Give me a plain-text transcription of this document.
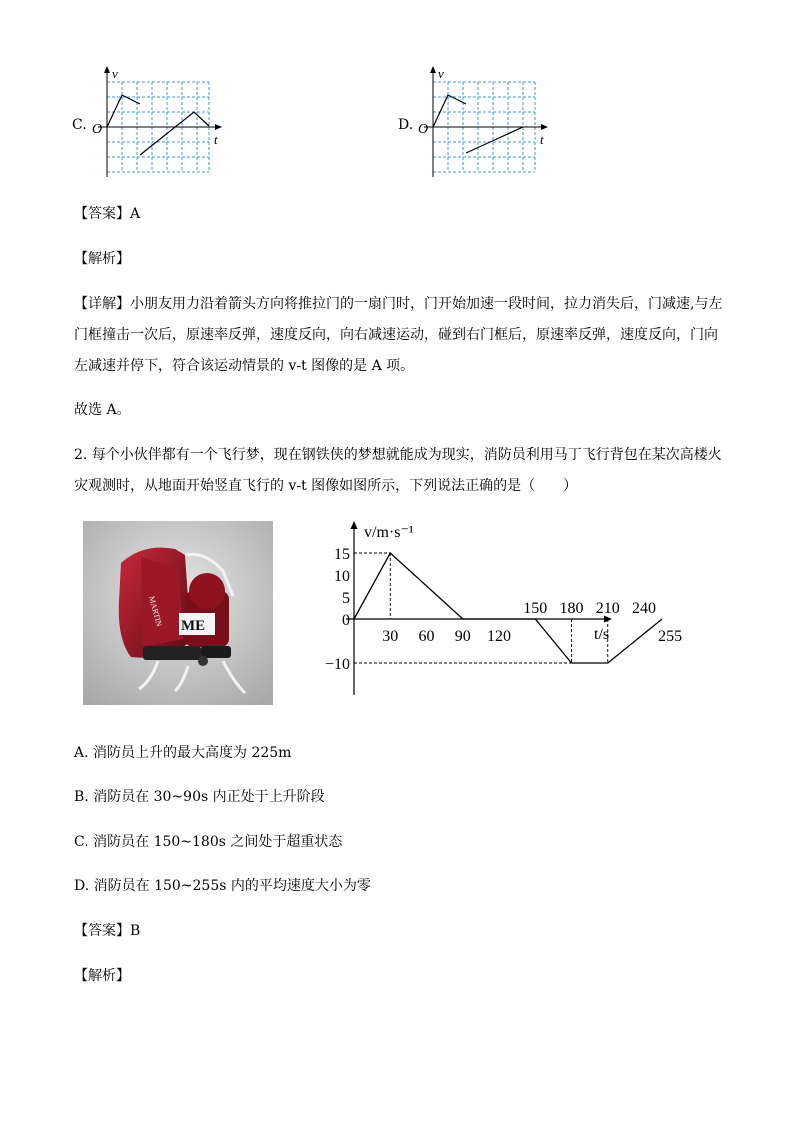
C.
v
t
O	D.
v
t
O
【答案】A
【解析】
【详解】小朋友用力沿着箭头方向将推拉门的一扇门时，门开始加速一段时间，拉力消失后，门减速,与左
门框撞击一次后，原速率反弹，速度反向，向右减速运动，碰到右门框后，原速率反弹，速度反向，门向
左减速并停下，符合该运动情景的 v-t 图像的是 A 项。
故选 A。
2. 每个小伙伴都有一个飞行梦，现在钢铁侠的梦想就能成为现实，消防员利用马丁飞行背包在某次高楼火
灾观测时，从地面开始竖直飞行的 v-t 图像如图所示，下列说法正确的是（　　）
ME
MARTIN
15
10
5
0
−10
30 60 90 120
150 180 210 240
255
v/m·s⁻¹
t/s
A. 消防员上升的最大高度为 225m
B. 消防员在 30~90s 内正处于上升阶段
C. 消防员在 150~180s 之间处于超重状态
D. 消防员在 150~255s 内的平均速度大小为零
【答案】B
【解析】
